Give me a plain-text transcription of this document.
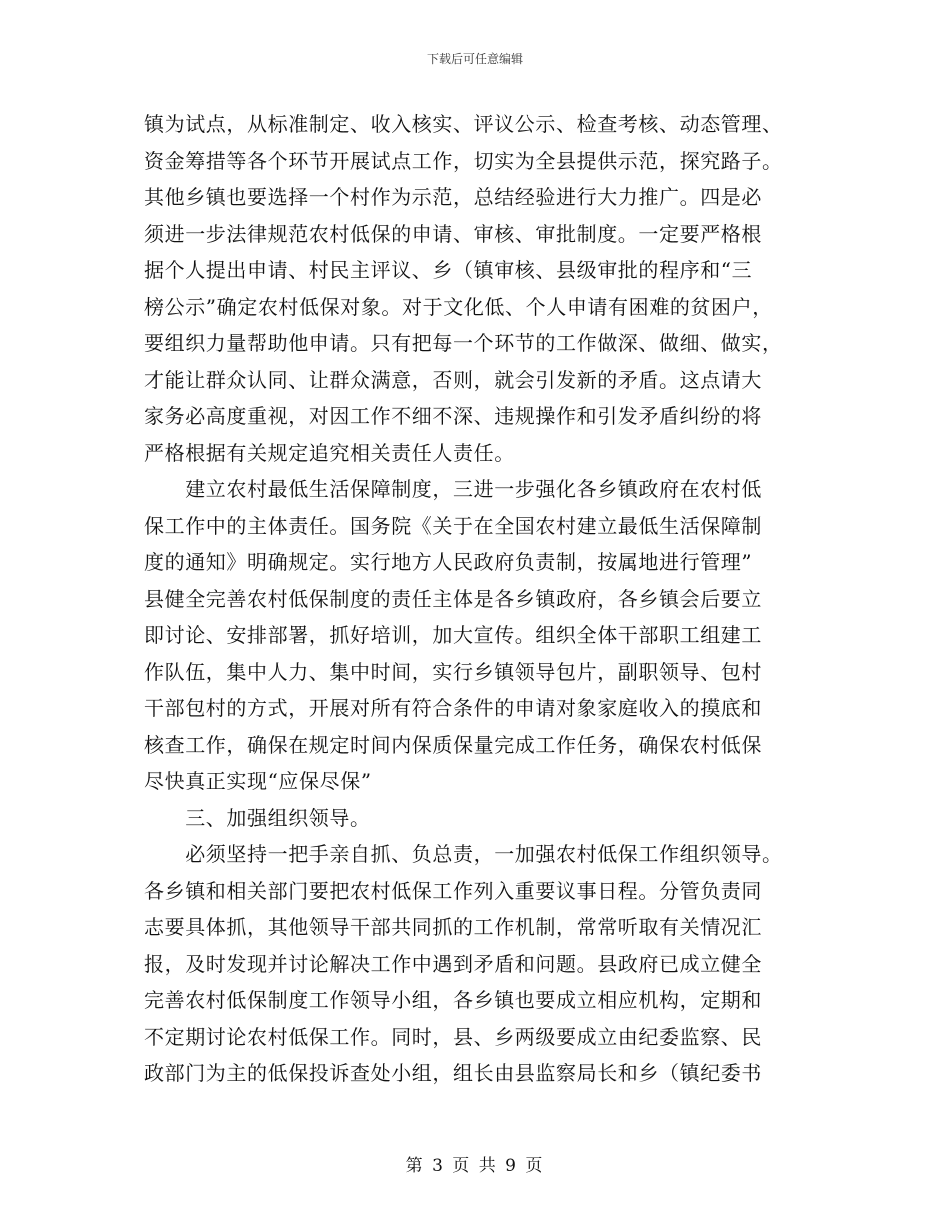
下载后可任意编辑
镇为试点，从标准制定、收入核实、评议公示、检查考核、动态管理、
资金筹措等各个环节开展试点工作，切实为全县提供示范，探究路子。
其他乡镇也要选择一个村作为示范，总结经验进行大力推广。四是必
须进一步法律规范农村低保的申请、审核、审批制度。一定要严格根
据个人提出申请、村民主评议、乡（镇审核、县级审批的程序和“三
榜公示”确定农村低保对象。对于文化低、个人申请有困难的贫困户，
要组织力量帮助他申请。只有把每一个环节的工作做深、做细、做实，
才能让群众认同、让群众满意，否则，就会引发新的矛盾。这点请大
家务必高度重视，对因工作不细不深、违规操作和引发矛盾纠纷的将
严格根据有关规定追究相关责任人责任。
　　建立农村最低生活保障制度，三进一步强化各乡镇政府在农村低
保工作中的主体责任。国务院《关于在全国农村建立最低生活保障制
度的通知》明确规定。实行地方人民政府负责制，按属地进行管理”
县健全完善农村低保制度的责任主体是各乡镇政府，各乡镇会后要立
即讨论、安排部署，抓好培训，加大宣传。组织全体干部职工组建工
作队伍，集中人力、集中时间，实行乡镇领导包片，副职领导、包村
干部包村的方式，开展对所有符合条件的申请对象家庭收入的摸底和
核查工作，确保在规定时间内保质保量完成工作任务，确保农村低保
尽快真正实现“应保尽保”
　　三、加强组织领导。
　　必须坚持一把手亲自抓、负总责，一加强农村低保工作组织领导。
各乡镇和相关部门要把农村低保工作列入重要议事日程。分管负责同
志要具体抓，其他领导干部共同抓的工作机制，常常听取有关情况汇
报，及时发现并讨论解决工作中遇到矛盾和问题。县政府已成立健全
完善农村低保制度工作领导小组，各乡镇也要成立相应机构，定期和
不定期讨论农村低保工作。同时，县、乡两级要成立由纪委监察、民
政部门为主的低保投诉查处小组，组长由县监察局长和乡（镇纪委书
第 3 页 共 9 页
